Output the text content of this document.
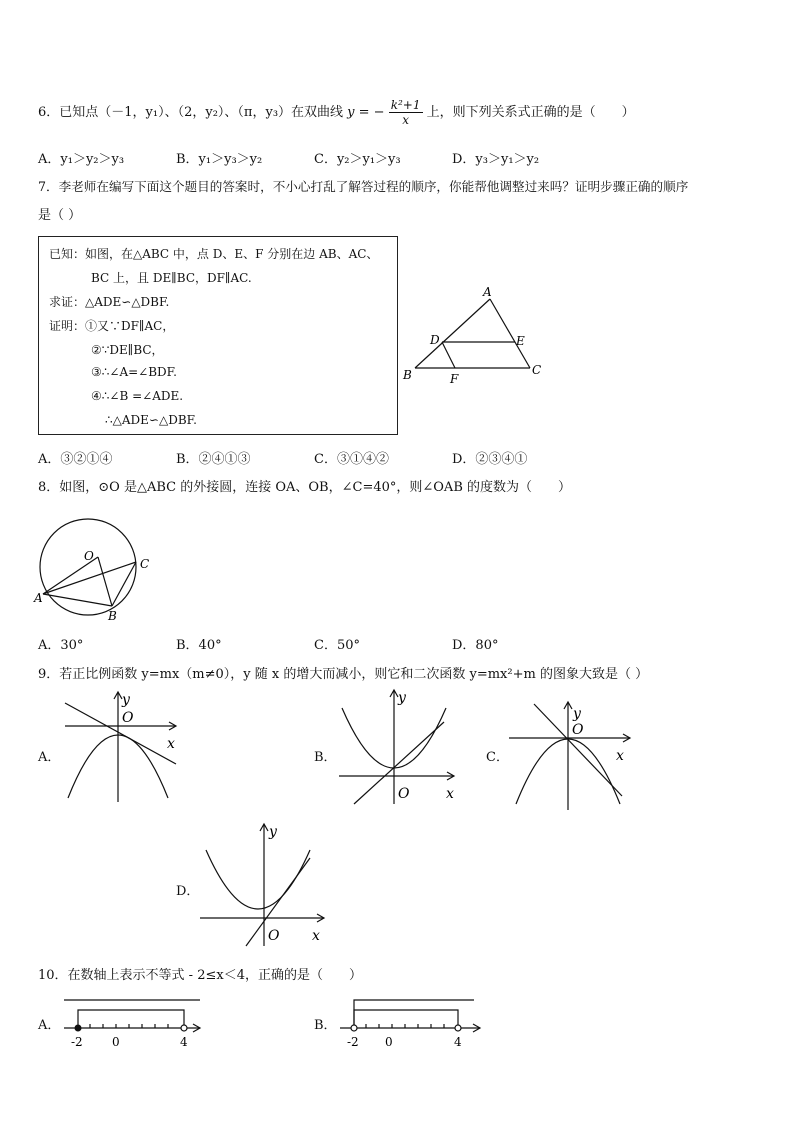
6．已知点（－1，y₁）、（2，y₂）、（π，y₃）在双曲线 y = − $\frac{\text{k²+1}}{x}$ 上，则下列关系式正确的是（　　）
A．y₁＞y₂＞y₃	B．y₁＞y₃＞y₂	C．y₂＞y₁＞y₃	D．y₃＞y₁＞y₂
7．李老师在编写下面这个题目的答案时，不小心打乱了解答过程的顺序，你能帮他调整过来吗？证明步骤正确的顺序
是（ ）
已知：如图，在△ABC 中，点 D、E、F 分别在边 AB、AC、
BC 上，且 DE∥BC，DF∥AC.
求证：△ADE∽△DBF.
证明：①又∵DF∥AC，
②∵DE∥BC，
③∴∠A=∠BDF.
④∴∠B =∠ADE.
∴△ADE∽△DBF.
A
B	C
D	E
F
A．③②①④	B．②④①③	C．③①④②	D．②③④①
8．如图，⊙O 是△ABC 的外接圆，连接 OA、OB，∠C=40°，则∠OAB 的度数为（　　）
O
A
B
C
A．30°	B．40°	C．50°	D．80°
9．若正比例函数 y=mx（m≠0），y 随 x 的增大而减小，则它和二次函数 y=mx²+m 的图象大致是（ ）
A．
y
O
x
B．
y
O	x
C．
y
O
x
D．
y
O x
10．在数轴上表示不等式 - 2≤x＜4，正确的是（　　）
A．
-2 0	4
B．
-2 0	4
